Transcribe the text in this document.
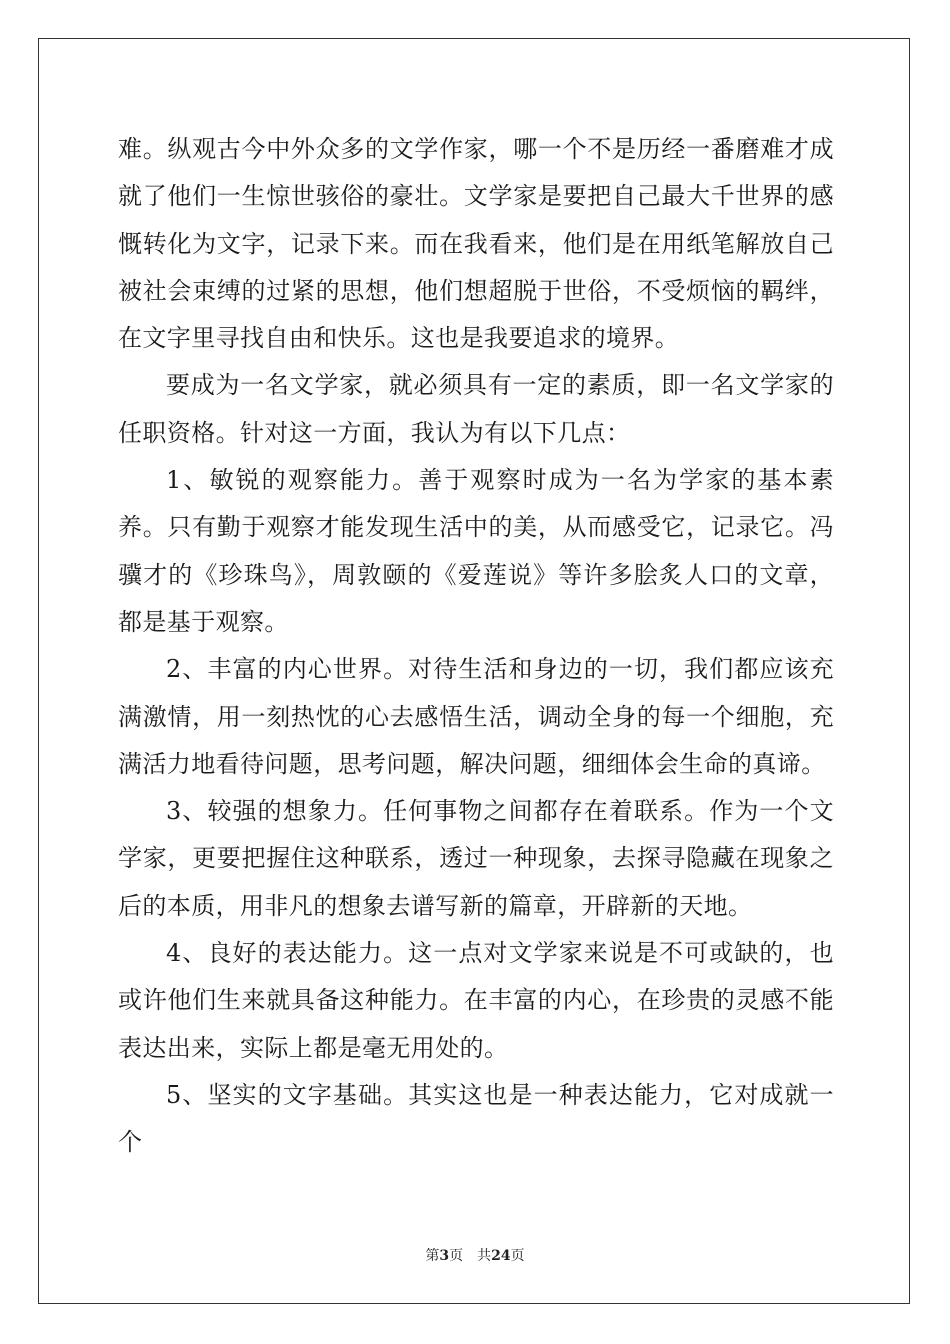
难。纵观古今中外众多的文学作家，哪一个不是历经一番磨难才成就了他们一生惊世骇俗的豪壮。文学家是要把自己最大千世界的感慨转化为文字，记录下来。而在我看来，他们是在用纸笔解放自己被社会束缚的过紧的思想，他们想超脱于世俗，不受烦恼的羁绊，在文字里寻找自由和快乐。这也是我要追求的境界。

要成为一名文学家，就必须具有一定的素质，即一名文学家的任职资格。针对这一方面，我认为有以下几点：

1、敏锐的观察能力。善于观察时成为一名为学家的基本素养。只有勤于观察才能发现生活中的美，从而感受它，记录它。冯骥才的《珍珠鸟》，周敦颐的《爱莲说》等许多脍炙人口的文章，都是基于观察。

2、丰富的内心世界。对待生活和身边的一切，我们都应该充满激情，用一刻热忱的心去感悟生活，调动全身的每一个细胞，充满活力地看待问题，思考问题，解决问题，细细体会生命的真谛。

3、较强的想象力。任何事物之间都存在着联系。作为一个文学家，更要把握住这种联系，透过一种现象，去探寻隐藏在现象之后的本质，用非凡的想象去谱写新的篇章，开辟新的天地。

4、良好的表达能力。这一点对文学家来说是不可或缺的，也或许他们生来就具备这种能力。在丰富的内心，在珍贵的灵感不能表达出来，实际上都是毫无用处的。

5、坚实的文字基础。其实这也是一种表达能力，它对成就一个

第3页 共24页
